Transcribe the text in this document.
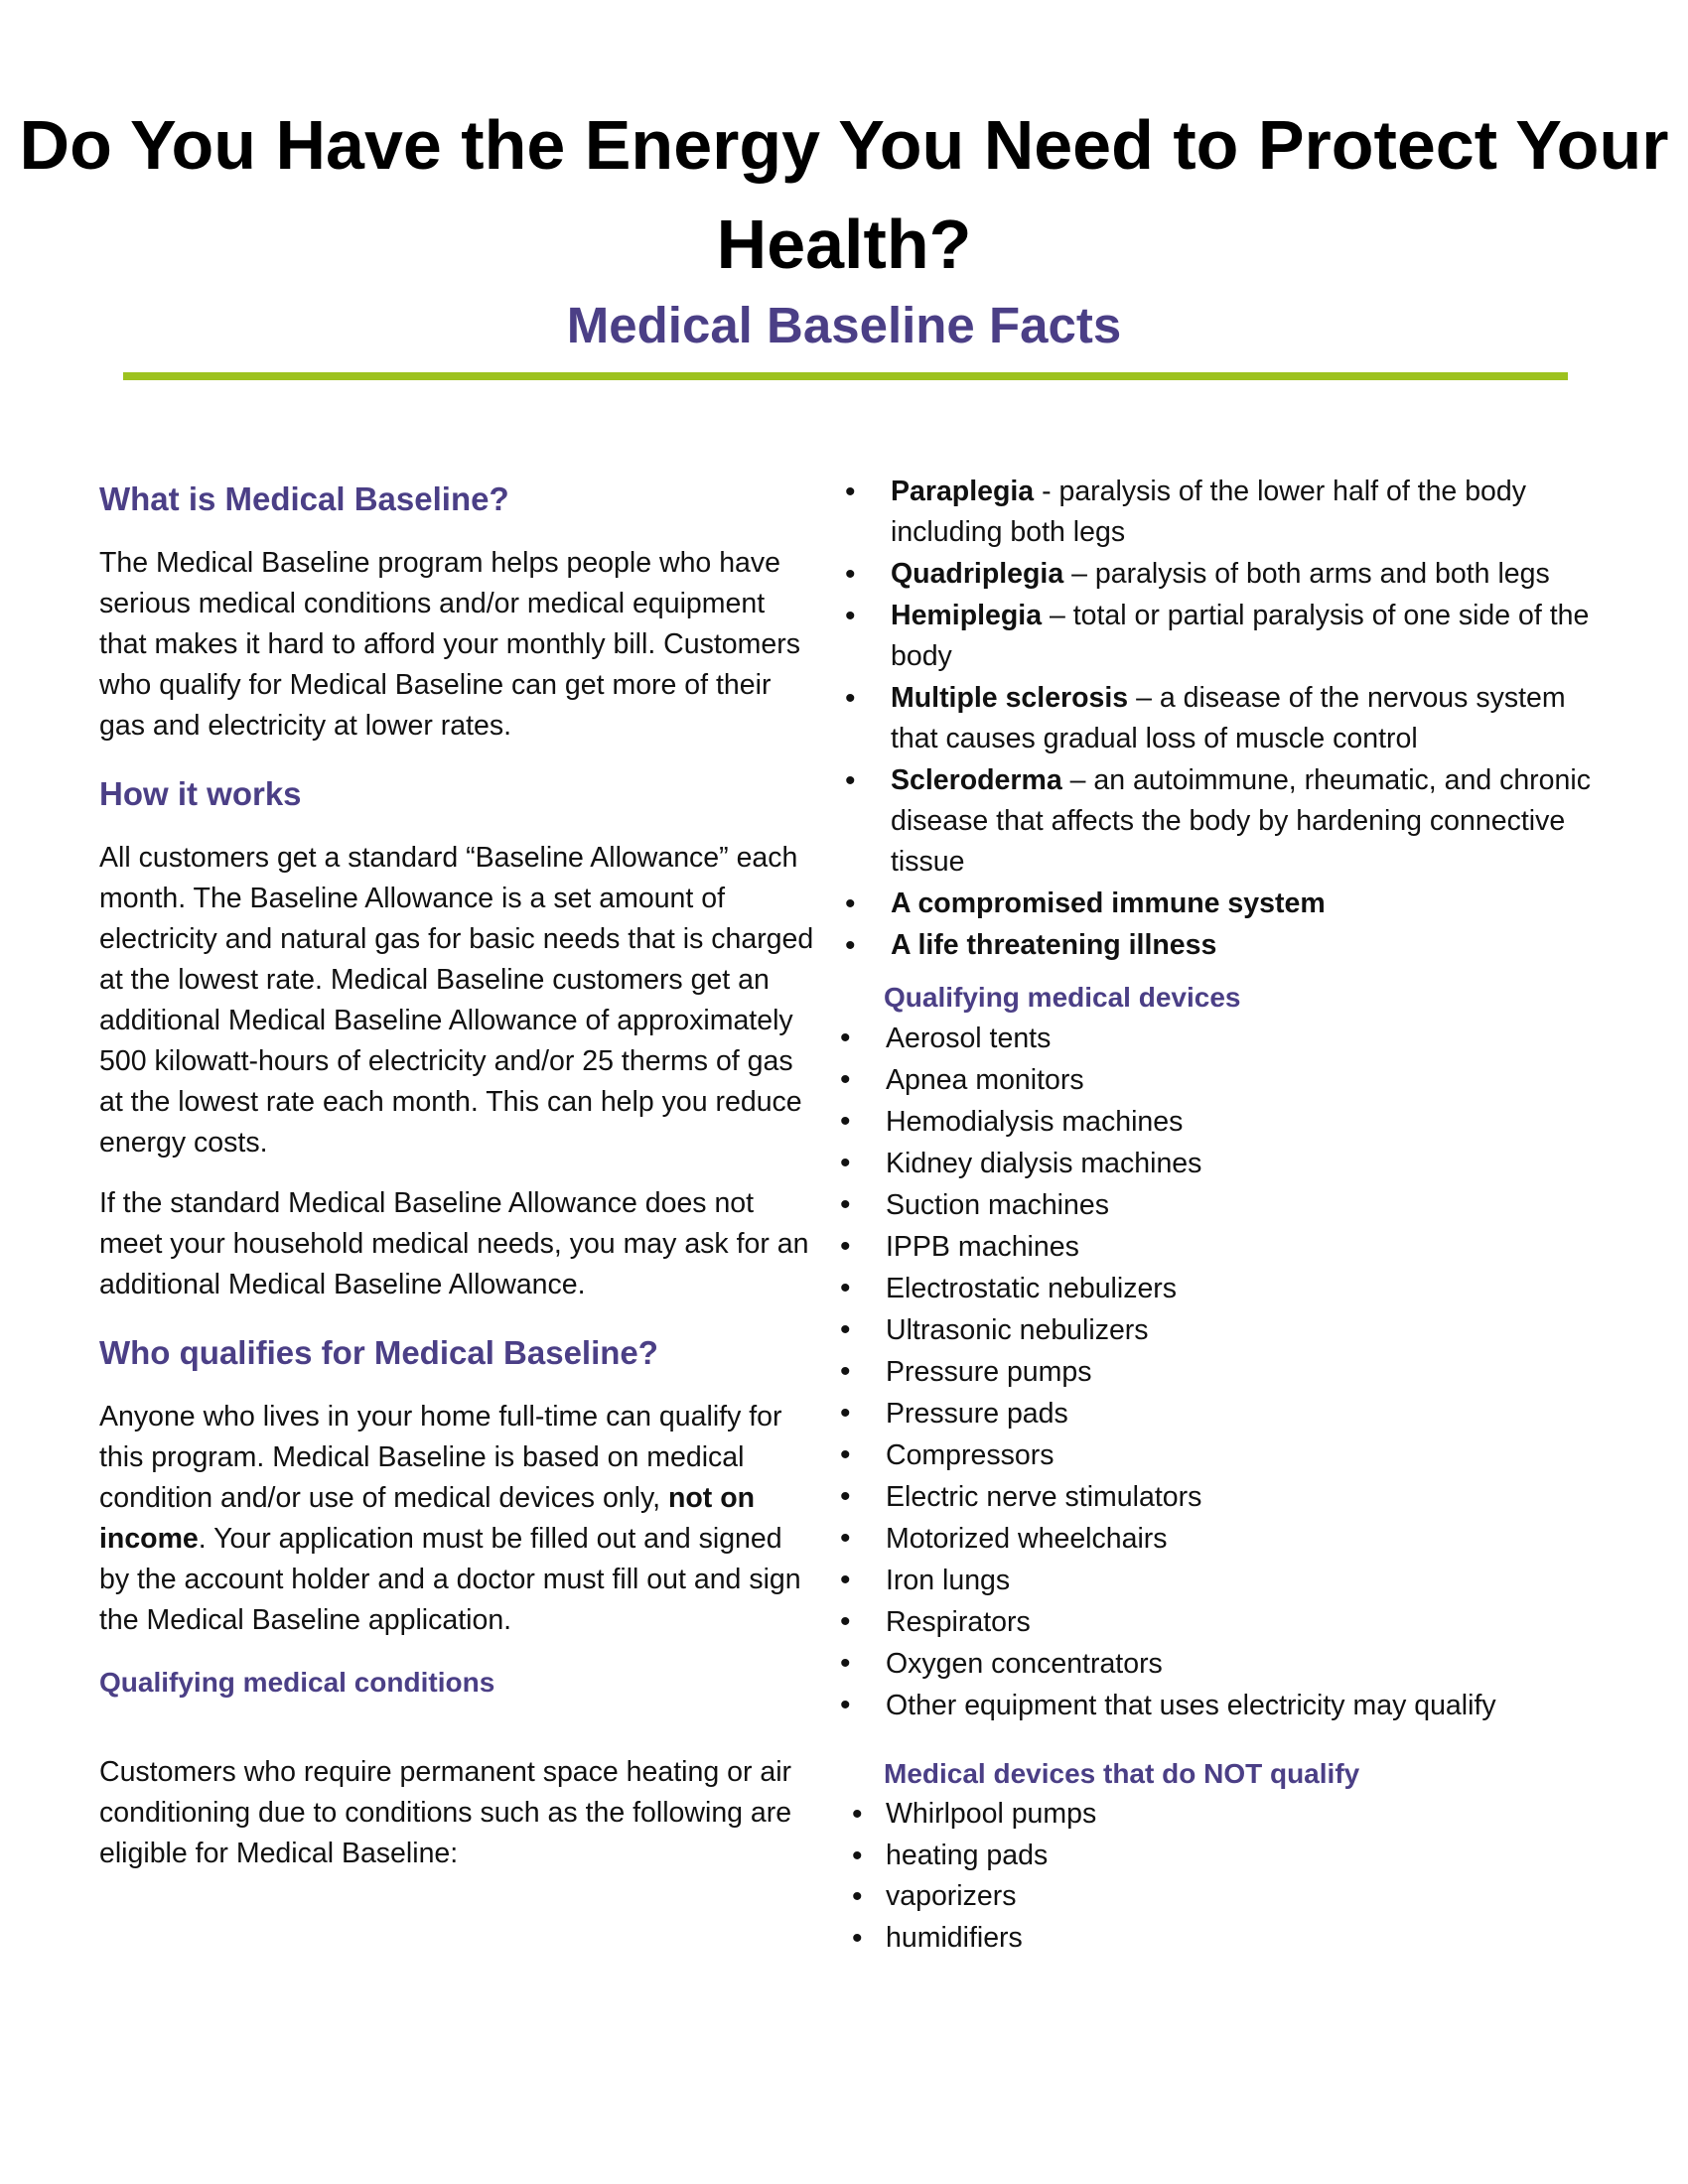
Do You Have the Energy You Need to Protect Your Health?
Medical Baseline Facts
What is Medical Baseline?

The Medical Baseline program helps people who have serious medical conditions and/or medical equipment that makes it hard to afford your monthly bill. Customers who qualify for Medical Baseline can get more of their gas and electricity at lower rates.

How it works

All customers get a standard “Baseline Allowance” each month. The Baseline Allowance is a set amount of electricity and natural gas for basic needs that is charged at the lowest rate. Medical Baseline customers get an additional Medical Baseline Allowance of approximately 500 kilowatt-hours of electricity and/or 25 therms of gas at the lowest rate each month. This can help you reduce energy costs.

If the standard Medical Baseline Allowance does not meet your household medical needs, you may ask for an additional Medical Baseline Allowance.

Who qualifies for Medical Baseline?

Anyone who lives in your home full-time can qualify for this program. Medical Baseline is based on medical condition and/or use of medical devices only, not on income. Your application must be filled out and signed by the account holder and a doctor must fill out and sign the Medical Baseline application.

Qualifying medical conditions

Customers who require permanent space heating or air conditioning due to conditions such as the following are eligible for Medical Baseline:

• Paraplegia - paralysis of the lower half of the body including both legs
• Quadriplegia – paralysis of both arms and both legs
• Hemiplegia – total or partial paralysis of one side of the body
• Multiple sclerosis – a disease of the nervous system that causes gradual loss of muscle control
• Scleroderma – an autoimmune, rheumatic, and chronic disease that affects the body by hardening connective tissue
• A compromised immune system
• A life threatening illness
Qualifying medical devices
• Aerosol tents
• Apnea monitors
• Hemodialysis machines
• Kidney dialysis machines
• Suction machines
• IPPB machines
• Electrostatic nebulizers
• Ultrasonic nebulizers
• Pressure pumps
• Pressure pads
• Compressors
• Electric nerve stimulators
• Motorized wheelchairs
• Iron lungs
• Respirators
• Oxygen concentrators
• Other equipment that uses electricity may qualify
Medical devices that do NOT qualify
• Whirlpool pumps
• heating pads
• vaporizers
• humidifiers
